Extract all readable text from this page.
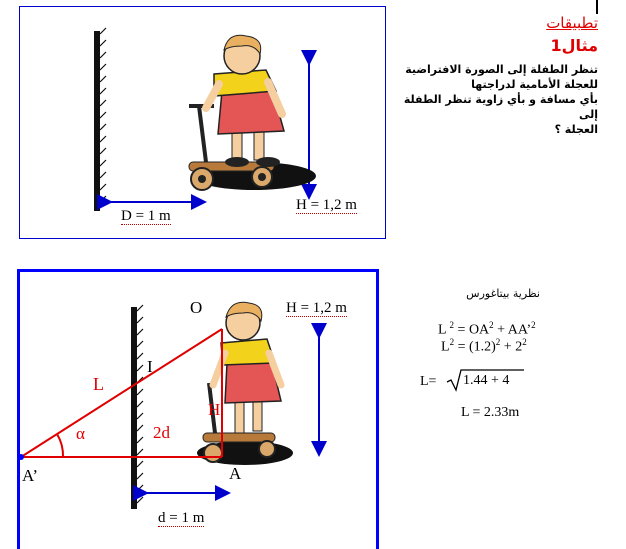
D = 1 m
H = 1,2 m
تطبيقات
مثال1
تنظر الطفلة إلى الصورة الافتراضية
للعجلة الأمامية لدراجتها
بأي مسافة و بأي زاوية تنظر الطفلة إلى
العجلة ؟
O
I
L
α	2d
H
A’	A
H = 1,2 m
d = 1 m
نظرية بيتاغورس
L $^2 = OA^2$ + AA’$^2$
$L^2 = (1.2)^2 + 2^2$
L= 1.44 + 4
L = 2.33m
